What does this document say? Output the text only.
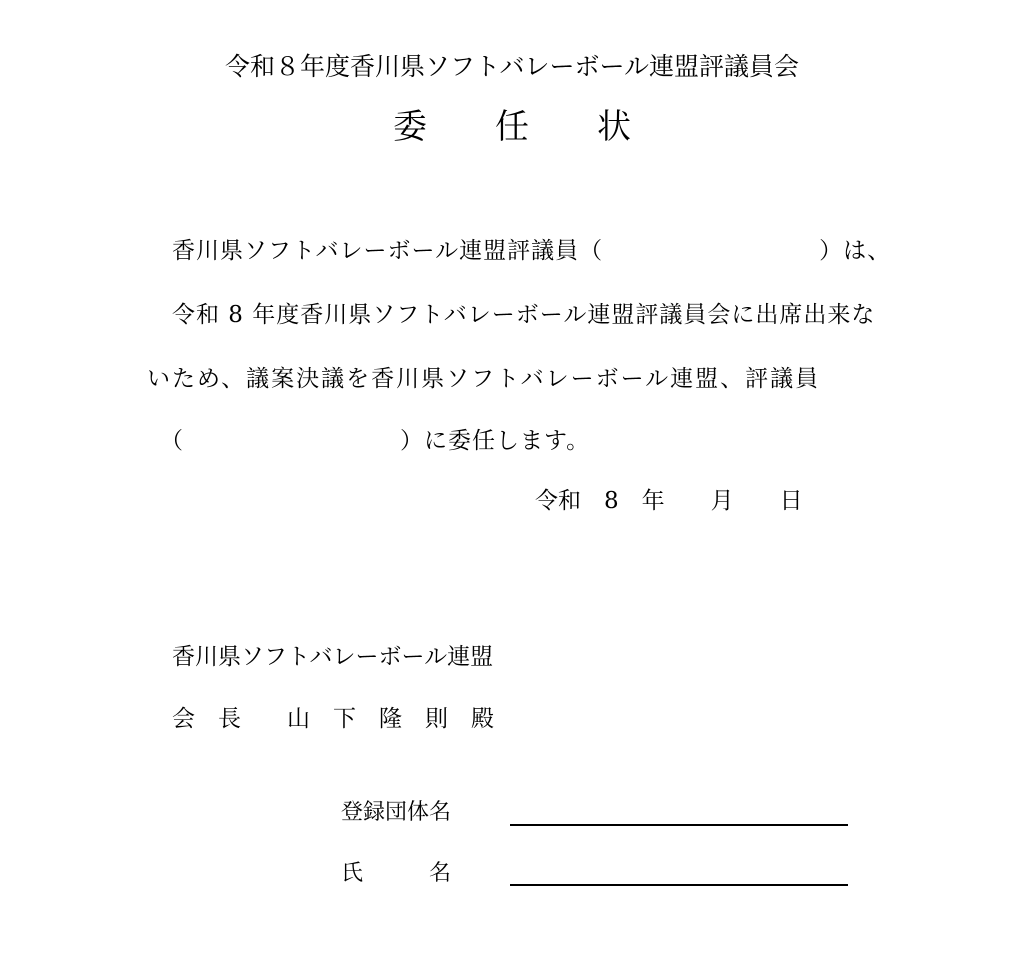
令和８年度香川県ソフトバレーボール連盟評議員会
委　　任　　状
香川県ソフトバレーボール連盟評議員（　　　　　　　　　）は、
令和 8 年度香川県ソフトバレーボール連盟評議員会に出席出来な
いため、議案決議を香川県ソフトバレーボール連盟、評議員
（　　　　　　　　　）に委任します。
令和　8　年　　月　　日
香川県ソフトバレーボール連盟
会　長　　山　下　隆　則　殿
登録団体名
氏　　　名
